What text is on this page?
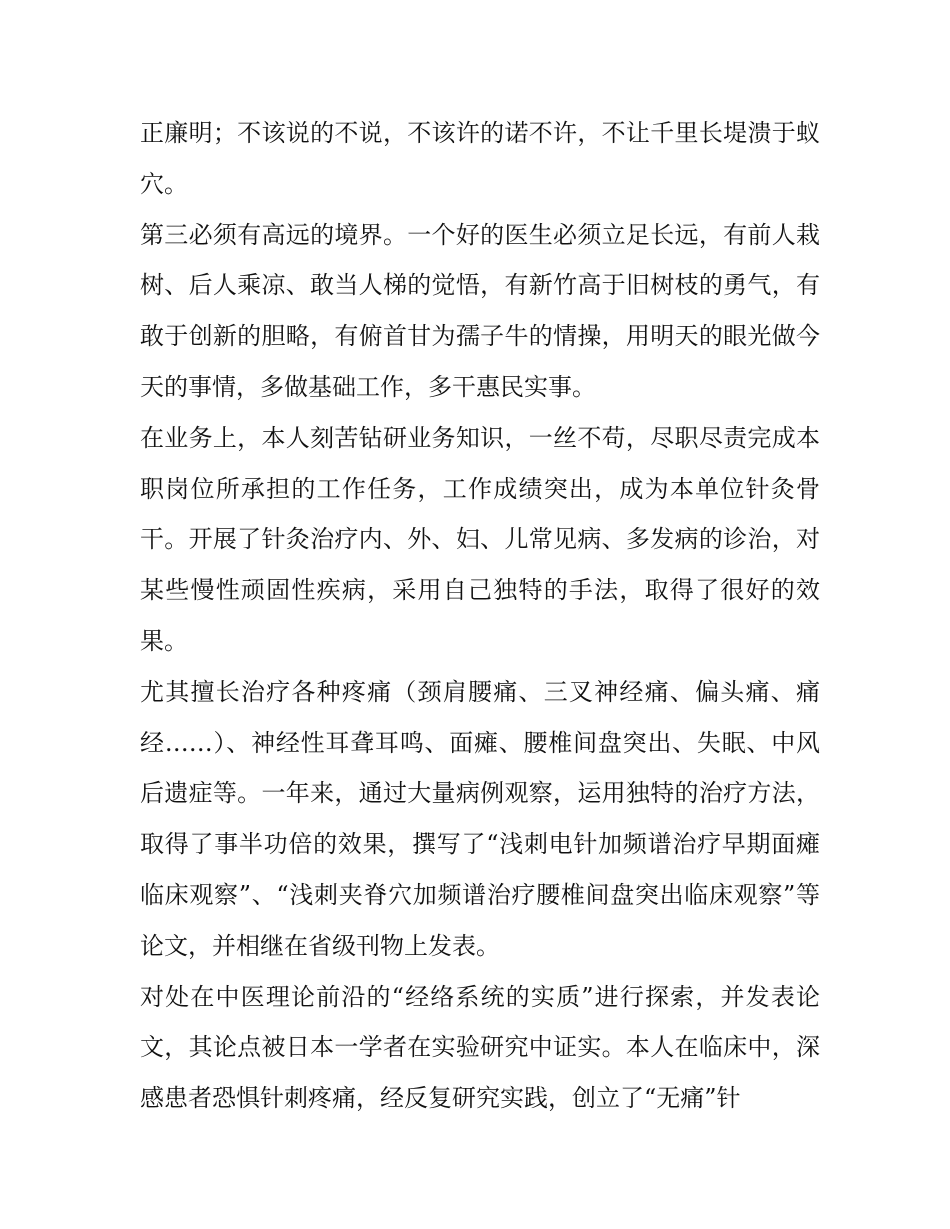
正廉明；不该说的不说，不该许的诺不许，不让千里长堤溃于蚁穴。

第三必须有高远的境界。一个好的医生必须立足长远，有前人栽树、后人乘凉、敢当人梯的觉悟，有新竹高于旧树枝的勇气，有敢于创新的胆略，有俯首甘为孺子牛的情操，用明天的眼光做今天的事情，多做基础工作，多干惠民实事。

在业务上，本人刻苦钻研业务知识，一丝不苟，尽职尽责完成本职岗位所承担的工作任务，工作成绩突出，成为本单位针灸骨干。开展了针灸治疗内、外、妇、儿常见病、多发病的诊治，对某些慢性顽固性疾病，采用自己独特的手法，取得了很好的效果。

尤其擅长治疗各种疼痛（颈肩腰痛、三叉神经痛、偏头痛、痛经……）、神经性耳聋耳鸣、面瘫、腰椎间盘突出、失眠、中风后遗症等。一年来，通过大量病例观察，运用独特的治疗方法，取得了事半功倍的效果，撰写了“浅刺电针加频谱治疗早期面瘫临床观察”、“浅刺夹脊穴加频谱治疗腰椎间盘突出临床观察”等论文，并相继在省级刊物上发表。

对处在中医理论前沿的“经络系统的实质”进行探索，并发表论文，其论点被日本一学者在实验研究中证实。本人在临床中，深感患者恐惧针刺疼痛，经反复研究实践，创立了“无痛”针
